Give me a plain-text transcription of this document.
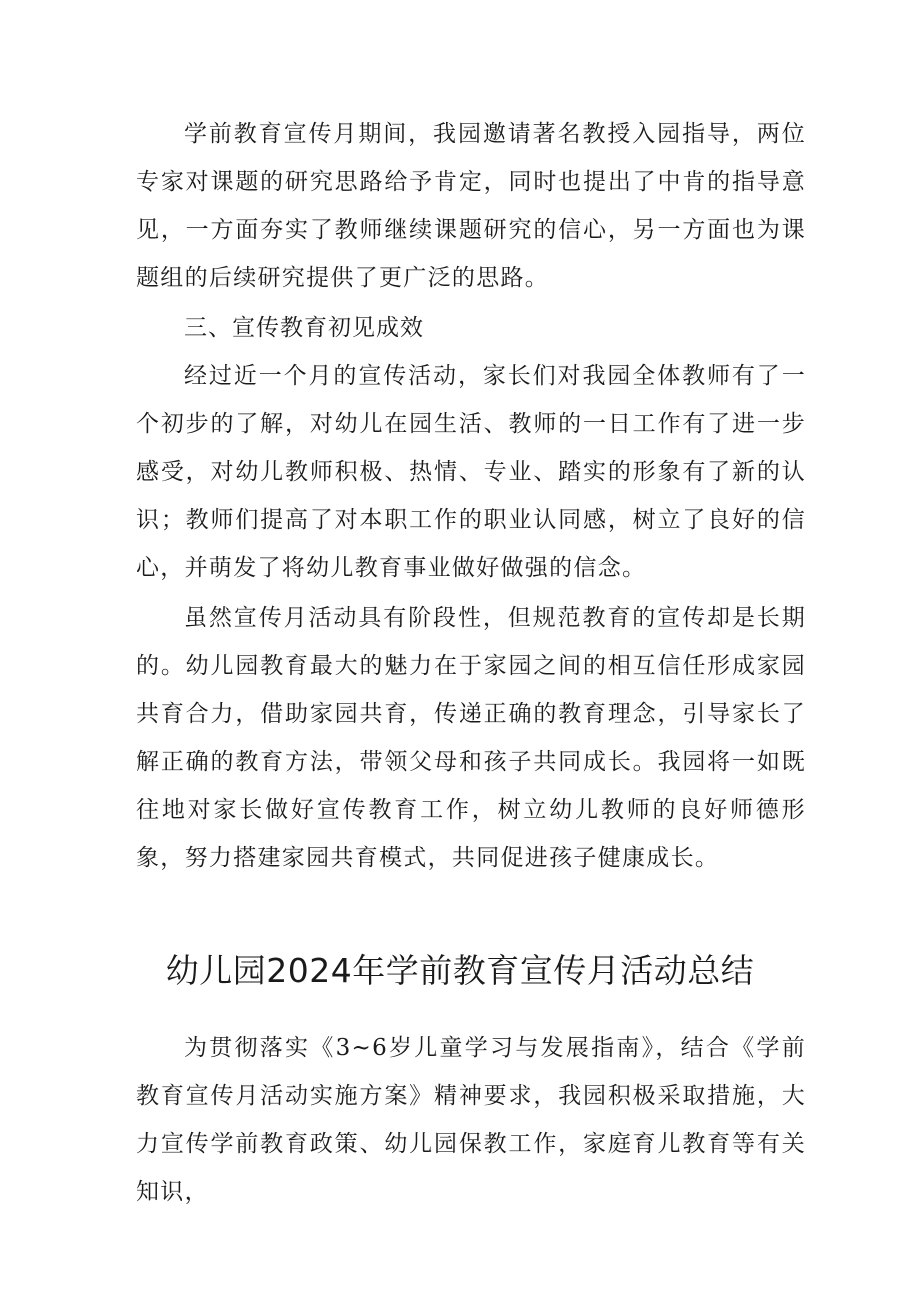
学前教育宣传月期间，我园邀请著名教授入园指导，两位专家对课题的研究思路给予肯定，同时也提出了中肯的指导意见，一方面夯实了教师继续课题研究的信心，另一方面也为课题组的后续研究提供了更广泛的思路。

三、宣传教育初见成效

经过近一个月的宣传活动，家长们对我园全体教师有了一个初步的了解，对幼儿在园生活、教师的一日工作有了进一步感受，对幼儿教师积极、热情、专业、踏实的形象有了新的认识；教师们提高了对本职工作的职业认同感，树立了良好的信心，并萌发了将幼儿教育事业做好做强的信念。

虽然宣传月活动具有阶段性，但规范教育的宣传却是长期的。幼儿园教育最大的魅力在于家园之间的相互信任形成家园共育合力，借助家园共育，传递正确的教育理念，引导家长了解正确的教育方法，带领父母和孩子共同成长。我园将一如既往地对家长做好宣传教育工作，树立幼儿教师的良好师德形象，努力搭建家园共育模式，共同促进孩子健康成长。

幼儿园2024年学前教育宣传月活动总结

为贯彻落实《3~6岁儿童学习与发展指南》，结合《学前教育宣传月活动实施方案》精神要求，我园积极采取措施，大力宣传学前教育政策、幼儿园保教工作，家庭育儿教育等有关知识，
